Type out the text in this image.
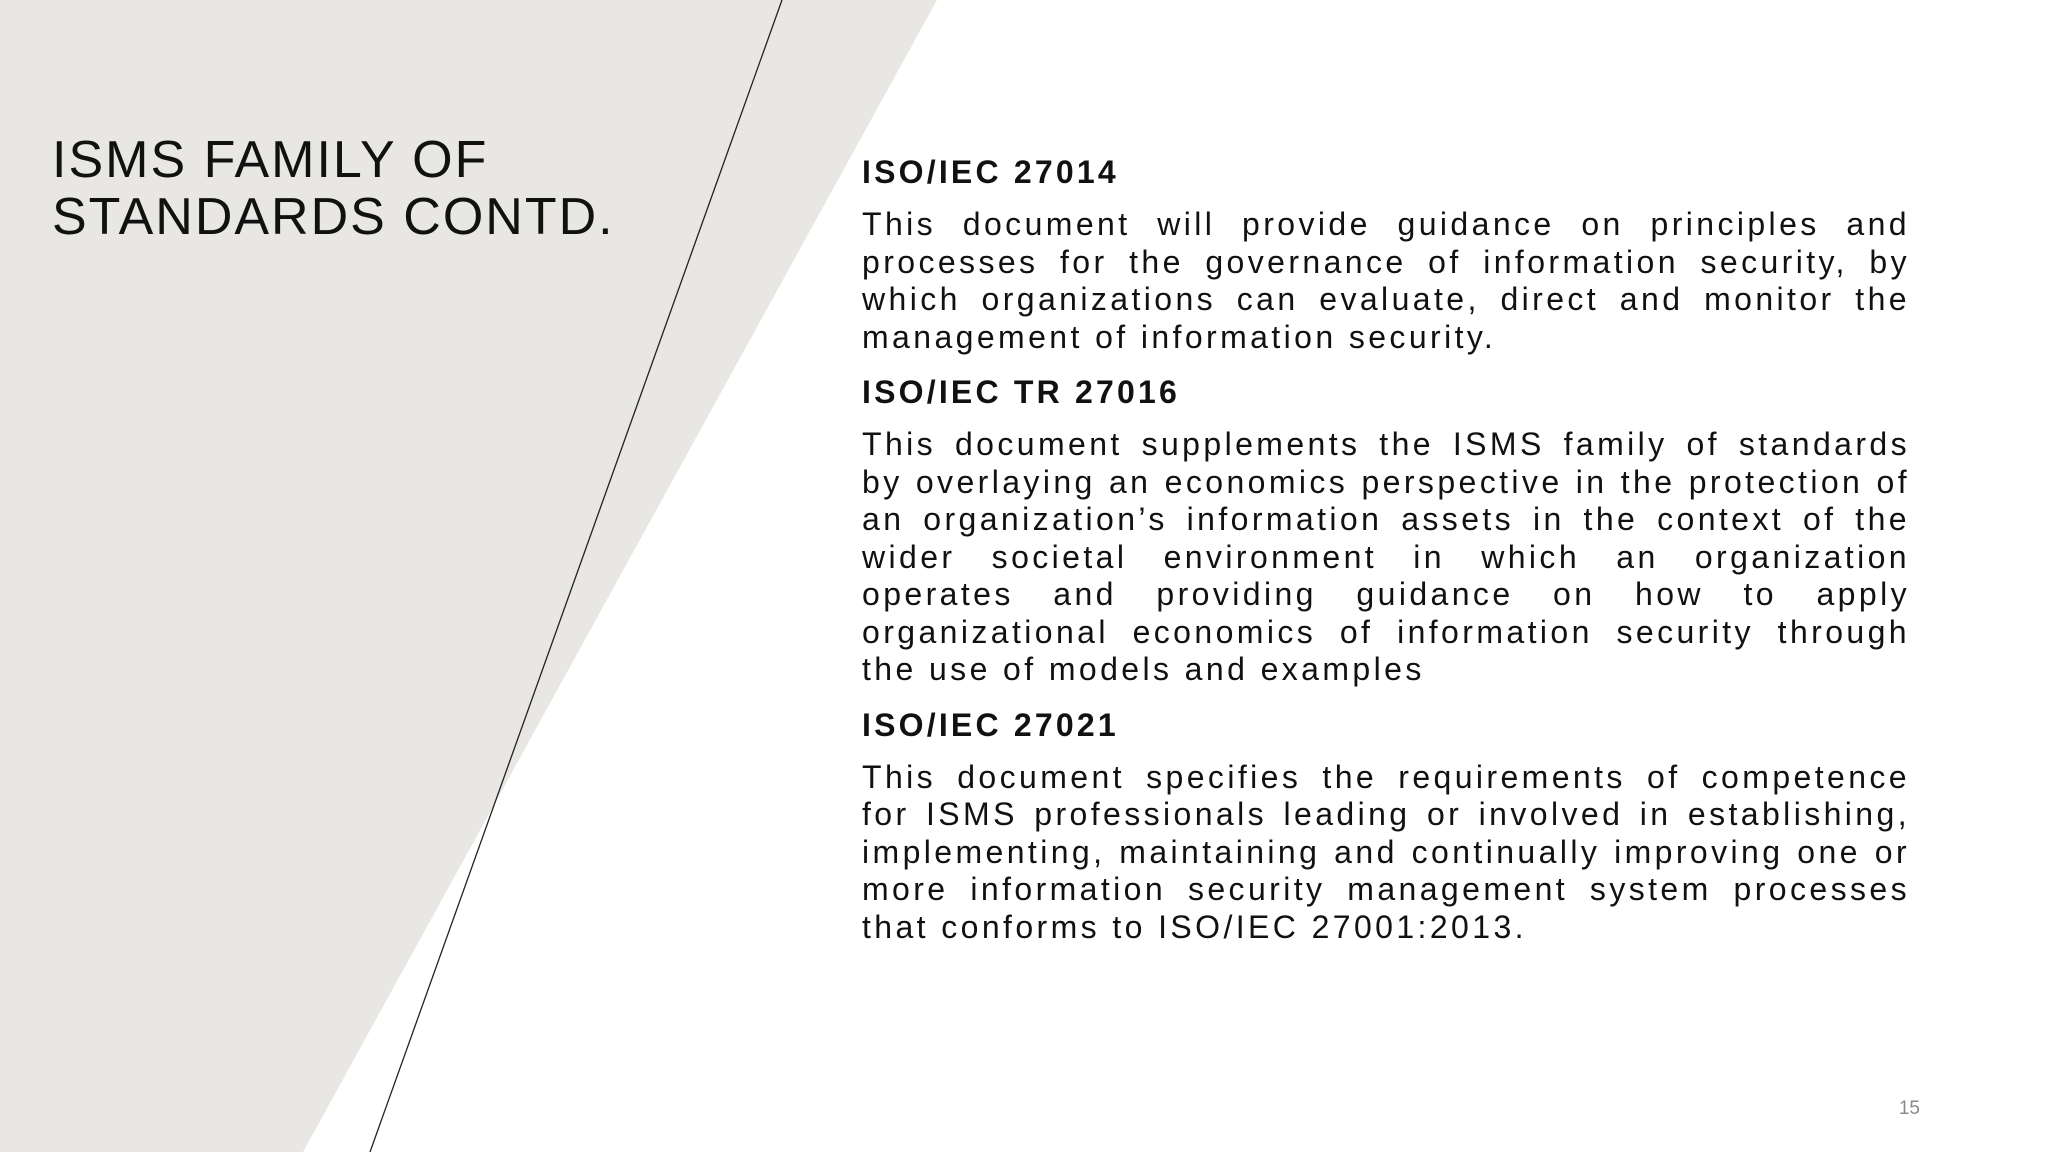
ISMS FAMILY OF
STANDARDS CONTD.
ISO/IEC 27014

This document will provide guidance on principles and processes for the governance of information security, by which organizations can evaluate, direct and monitor the management of information security.

ISO/IEC TR 27016

This document supplements the ISMS family of standards by overlaying an economics perspective in the protection of an organization’s information assets in the context of the wider societal environment in which an organization operates and providing guidance on how to apply organizational economics of information security through the use of models and examples

ISO/IEC 27021

This document specifies the requirements of competence for ISMS professionals leading or involved in establishing, implementing, maintaining and continually improving one or more information security management system processes that conforms to ISO/IEC 27001:2013.

15
